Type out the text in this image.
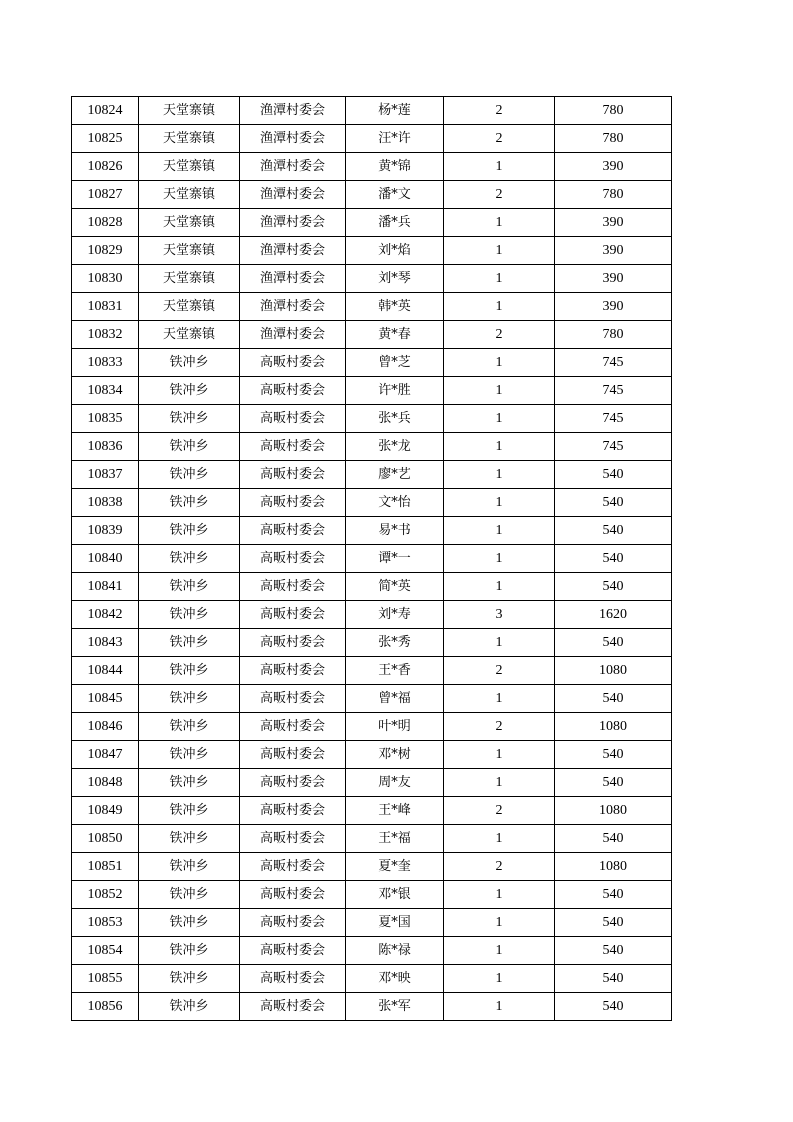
10824	天堂寨镇	渔潭村委会	杨*莲	2	780
10825	天堂寨镇	渔潭村委会	汪*许	2	780
10826	天堂寨镇	渔潭村委会	黄*锦	1	390
10827	天堂寨镇	渔潭村委会	潘*文	2	780
10828	天堂寨镇	渔潭村委会	潘*兵	1	390
10829	天堂寨镇	渔潭村委会	刘*焰	1	390
10830	天堂寨镇	渔潭村委会	刘*琴	1	390
10831	天堂寨镇	渔潭村委会	韩*英	1	390
10832	天堂寨镇	渔潭村委会	黄*春	2	780
10833	铁冲乡	高畈村委会	曾*芝	1	745
10834	铁冲乡	高畈村委会	许*胜	1	745
10835	铁冲乡	高畈村委会	张*兵	1	745
10836	铁冲乡	高畈村委会	张*龙	1	745
10837	铁冲乡	高畈村委会	廖*艺	1	540
10838	铁冲乡	高畈村委会	文*怡	1	540
10839	铁冲乡	高畈村委会	易*书	1	540
10840	铁冲乡	高畈村委会	谭*一	1	540
10841	铁冲乡	高畈村委会	简*英	1	540
10842	铁冲乡	高畈村委会	刘*寿	3	1620
10843	铁冲乡	高畈村委会	张*秀	1	540
10844	铁冲乡	高畈村委会	王*香	2	1080
10845	铁冲乡	高畈村委会	曾*福	1	540
10846	铁冲乡	高畈村委会	叶*明	2	1080
10847	铁冲乡	高畈村委会	邓*树	1	540
10848	铁冲乡	高畈村委会	周*友	1	540
10849	铁冲乡	高畈村委会	王*峰	2	1080
10850	铁冲乡	高畈村委会	王*福	1	540
10851	铁冲乡	高畈村委会	夏*奎	2	1080
10852	铁冲乡	高畈村委会	邓*银	1	540
10853	铁冲乡	高畈村委会	夏*国	1	540
10854	铁冲乡	高畈村委会	陈*禄	1	540
10855	铁冲乡	高畈村委会	邓*映	1	540
10856	铁冲乡	高畈村委会	张*军	1	540
